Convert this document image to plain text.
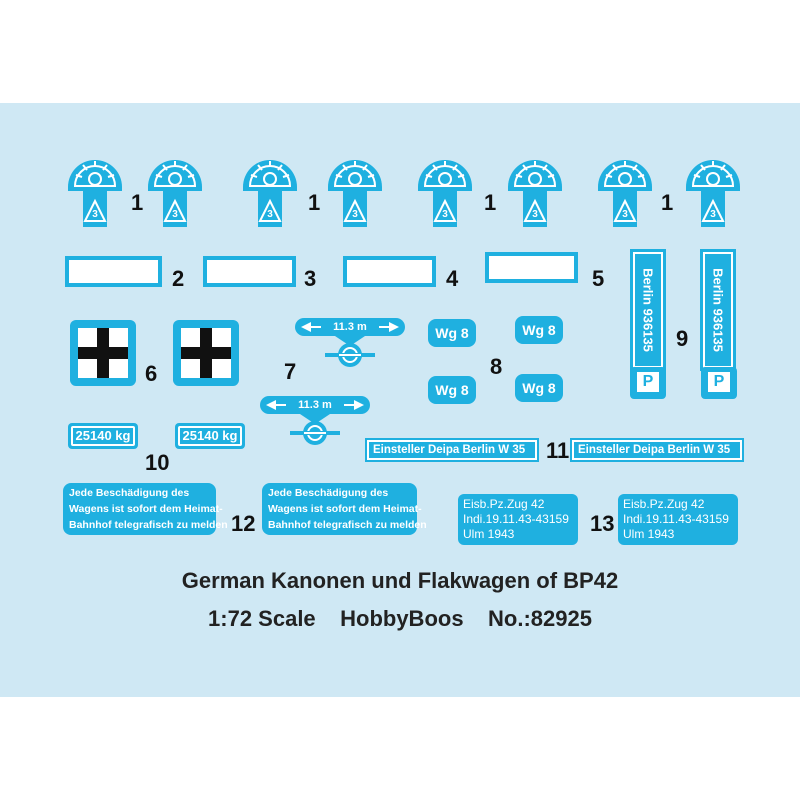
1	1	1	1
2	3	4	5	Berlin 936135	Berlin 936135
9
P	P
6
11.3 m
7
11.3 m
Wg 8	Wg 8
8
Wg 8	Wg 8
25140 kg	25140 kg
10	Einsteller Deipa Berlin W 35 11 Einsteller Deipa Berlin W 35
Jede Beschädigung des
Wagens ist sofort dem Heimat-
Bahnhof telegrafisch zu melden 12
Jede Beschädigung des
Wagens ist sofort dem Heimat-
Bahnhof telegrafisch zu melden
Eisb.Pz.Zug 42
Indi.19.11.43-43159
Ulm 1943	13
Eisb.Pz.Zug 42
Indi.19.11.43-43159
Ulm 1943
German Kanonen und Flakwagen of BP42
1:72 Scale    HobbyBoos    No.:82925
